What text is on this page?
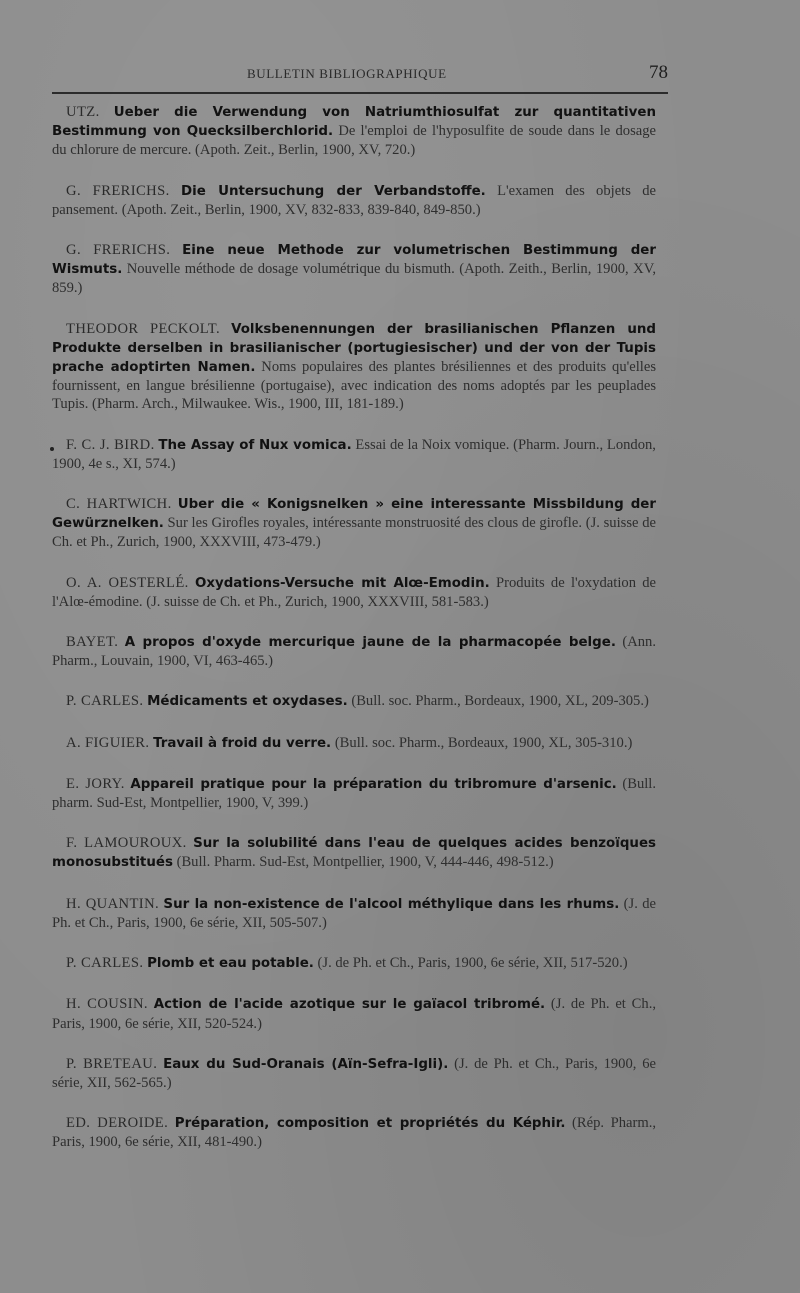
BULLETIN BIBLIOGRAPHIQUE	78

UTZ. Ueber die Verwendung von Natriumthiosulfat zur quantitativen Bestimmung von Quecksilberchlorid. De l'emploi de l'hyposulfite de soude dans le dosage du chlorure de mercure. (Apoth. Zeit., Berlin, 1900, XV, 720.)

G. FRERICHS. Die Untersuchung der Verbandstoffe. L'examen des objets de pansement. (Apoth. Zeit., Berlin, 1900, XV, 832-833, 839-840, 849-850.)

G. FRERICHS. Eine neue Methode zur volumetrischen Bestimmung der Wismuts. Nouvelle méthode de dosage volumétrique du bismuth. (Apoth. Zeith., Berlin, 1900, XV, 859.)

THEODOR PECKOLT. Volksbenennungen der brasilianischen Pflanzen und Produkte derselben in brasilianischer (portugiesischer) und der von der Tupis prache adoptirten Namen. Noms populaires des plantes brésiliennes et des produits qu'elles fournissent, en langue brésilienne (portugaise), avec indication des noms adoptés par les peuplades Tupis. (Pharm. Arch., Milwaukee. Wis., 1900, III, 181-189.)

F. C. J. BIRD. The Assay of Nux vomica. Essai de la Noix vomique. (Pharm. Journ., London, 1900, 4e s., XI, 574.)

C. HARTWICH. Uber die « Konigsnelken » eine interessante Missbildung der Gewürznelken. Sur les Girofles royales, intéressante monstruosité des clous de girofle. (J. suisse de Ch. et Ph., Zurich, 1900, XXXVIII, 473-479.)

O. A. OESTERLÉ. Oxydations-Versuche mit Alœ-Emodin. Produits de l'oxydation de l'Alœ-émodine. (J. suisse de Ch. et Ph., Zurich, 1900, XXXVIII, 581-583.)

BAYET. A propos d'oxyde mercurique jaune de la pharmacopée belge. (Ann. Pharm., Louvain, 1900, VI, 463-465.)

P. CARLES. Médicaments et oxydases. (Bull. soc. Pharm., Bordeaux, 1900, XL, 209-305.)

A. FIGUIER. Travail à froid du verre. (Bull. soc. Pharm., Bordeaux, 1900, XL, 305-310.)

E. JORY. Appareil pratique pour la préparation du tribromure d'arsenic. (Bull. pharm. Sud-Est, Montpellier, 1900, V, 399.)

F. LAMOUROUX. Sur la solubilité dans l'eau de quelques acides benzoïques monosubstitués (Bull. Pharm. Sud-Est, Montpellier, 1900, V, 444-446, 498-512.)

H. QUANTIN. Sur la non-existence de l'alcool méthylique dans les rhums. (J. de Ph. et Ch., Paris, 1900, 6e série, XII, 505-507.)

P. CARLES. Plomb et eau potable. (J. de Ph. et Ch., Paris, 1900, 6e série, XII, 517-520.)

H. COUSIN. Action de l'acide azotique sur le gaïacol tribromé. (J. de Ph. et Ch., Paris, 1900, 6e série, XII, 520-524.)

P. BRETEAU. Eaux du Sud-Oranais (Aïn-Sefra-Igli). (J. de Ph. et Ch., Paris, 1900, 6e série, XII, 562-565.)

ED. DEROIDE. Préparation, composition et propriétés du Képhir. (Rép. Pharm., Paris, 1900, 6e série, XII, 481-490.)
